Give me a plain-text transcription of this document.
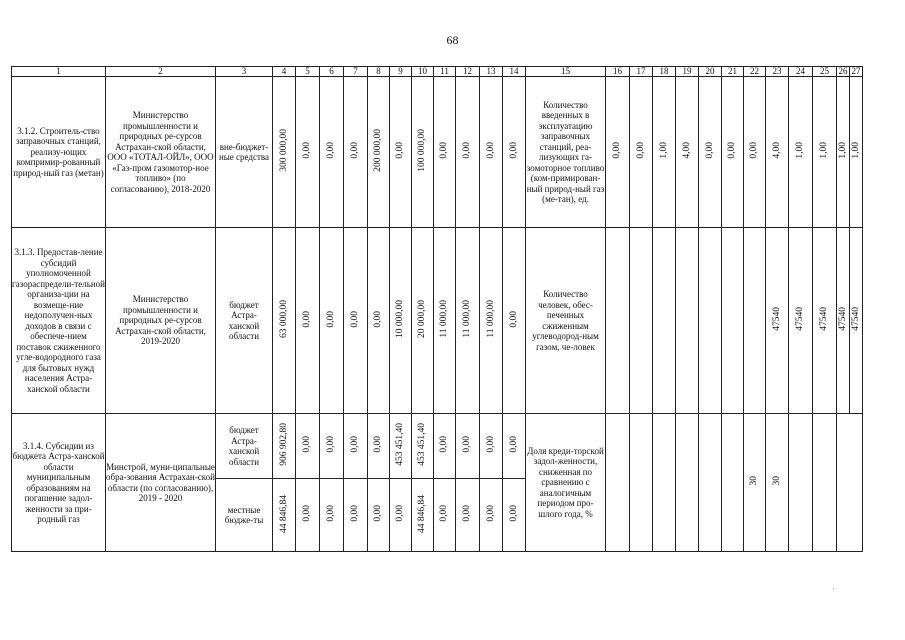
68
1	2	3	4	5	6	7	8	9	10	11	12	13	14	15	16	17	18	19	20	21	22	23	24	25	26	27
3.1.2. Строитель-ство заправочных станций, реализу-ющих компримир-рованный природ-ный газ (метан)	Министерство промышленности и природных ре-сурсов Астрахан-ской области, ООО «ТОТАЛ-ОЙЛ», ООО «Газ-пром газомотор-ное топливо» (по согласованию), 2018-2020	вне-бюджет-ные средства	300 000,00	0,00	0,00	0,00	200 000,00	0,00	100 000,00	0,00	0,00	0,00	0,00	Количество введенных в эксплуатацию заправочных станций, реа-лизующих га-зомоторное топливо (ком-примирован-ный природ-ный газ (ме-тан), ед.	0,00	0,00	1,00	4,00	0,00	0,00	0,00	4,00	1,00	1,00	1,00	1,00
3.1.3. Предостав-ление субсидий уполномоченной газораспредели-тельной организа-ции на возмеще-ние недополучен-ных доходов в связи с обеспече-нием поставок сжиженного угле-водородного газа для бытовых нужд населения Астра-ханской области	Министерство промышленности и природных ре-сурсов Астрахан-ской области, 2019-2020	бюджет Астра-ханской области	63 000,00	0,00	0,00	0,00	0,00	10 000,00	20 000,00	11 000,00	11 000,00	11 000,00	0,00	Количество человек, обес-печенных сжиженным углеводород-ным газом, че-ловек								47540	47540	47540	47540	47540
3.1.4. Субсидии из бюджета Астра-ханской области муниципальным образованиям на погашение задол-женности за при-родный газ	Минстрой, муни-ципальные обра-зования Астрахан-ской области (по согласованию), 2019 - 2020	бюджет Астра-ханской области	906 902,80	0,00	0,00	0,00	0,00	453 451,40	453 451,40	0,00	0,00	0,00	0,00	Доля креди-торской задол-женности, сниженная по сравнению с аналогичным периодом про-шлого года, %							30	30				
		местные бюдже-ты	44 846,84	0,00	0,00	0,00	0,00	0,00	44 846,84	0,00	0,00	0,00	0,00													
·
